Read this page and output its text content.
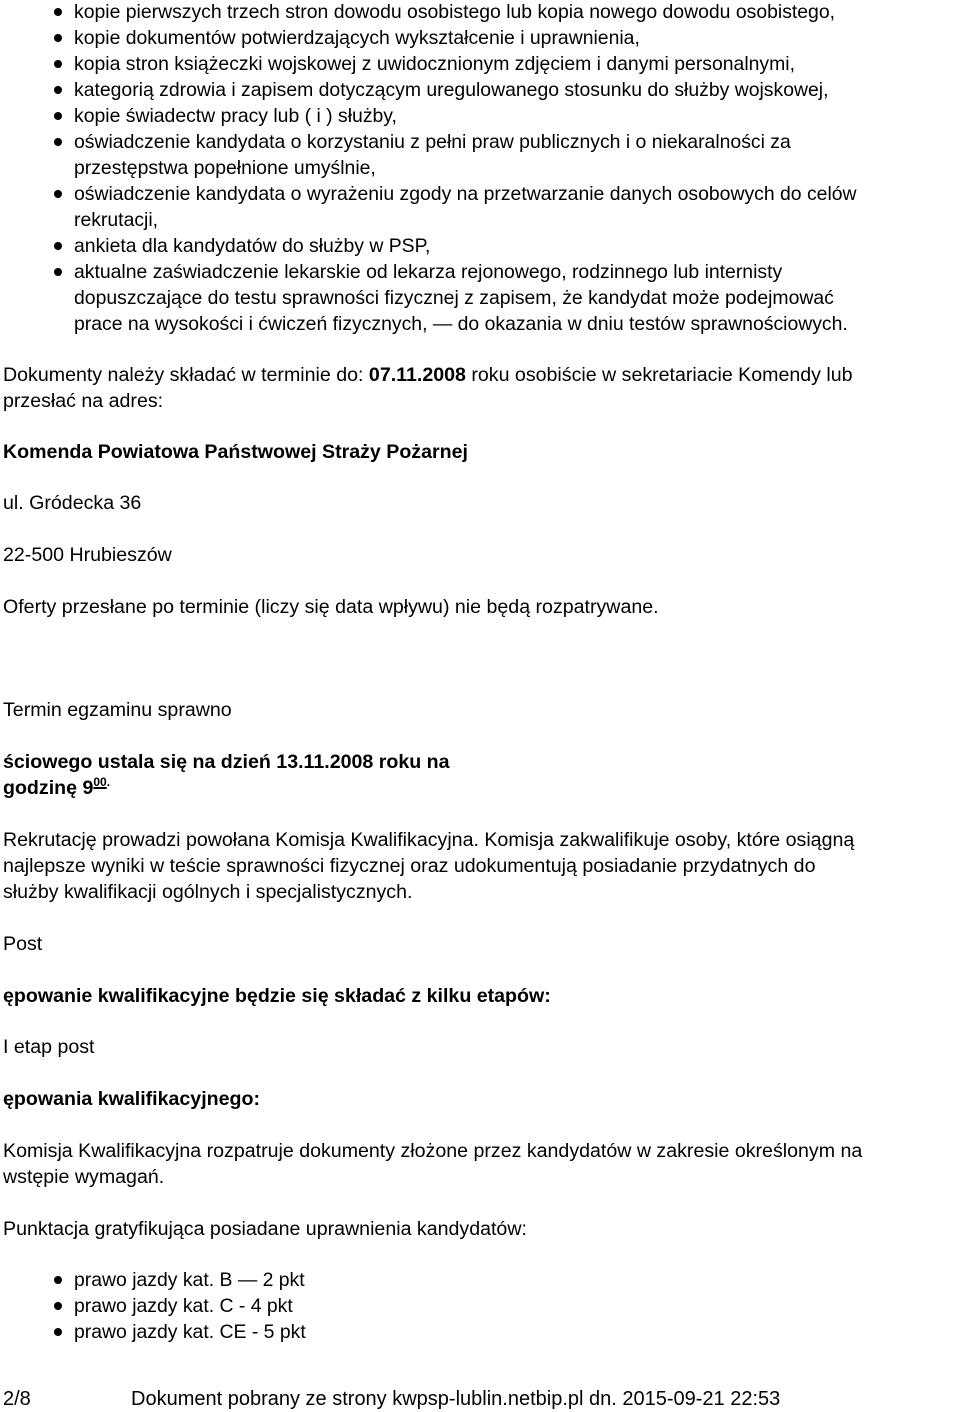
kopie pierwszych trzech stron dowodu osobistego lub kopia nowego dowodu osobistego,
kopie dokumentów potwierdzających wykształcenie i uprawnienia,
kopia stron książeczki wojskowej z uwidocznionym zdjęciem i danymi personalnymi,
kategorią zdrowia i zapisem dotyczącym uregulowanego stosunku do służby wojskowej,
kopie świadectw pracy lub ( i ) służby,
oświadczenie kandydata o korzystaniu z pełni praw publicznych i o niekaralności za
przestępstwa popełnione umyślnie,
oświadczenie kandydata o wyrażeniu zgody na przetwarzanie danych osobowych do celów
rekrutacji,
ankieta dla kandydatów do służby w PSP,
aktualne zaświadczenie lekarskie od lekarza rejonowego, rodzinnego lub internisty
dopuszczające do testu sprawności fizycznej z zapisem, że kandydat może podejmować
prace na wysokości i ćwiczeń fizycznych, — do okazania w dniu testów sprawnościowych.
Dokumenty należy składać w terminie do: 07.11.2008 roku osobiście w sekretariacie Komendy lub
przesłać na adres:
Komenda Powiatowa Państwowej Straży Pożarnej
ul. Gródecka 36
22-500 Hrubieszów
Oferty przesłane po terminie (liczy się data wpływu) nie będą rozpatrywane.
Termin egzaminu sprawno
ściowego ustala się na dzień 13.11.2008 roku na
godzinę $9^{00.}$
Rekrutację prowadzi powołana Komisja Kwalifikacyjna. Komisja zakwalifikuje osoby, które osiągną
najlepsze wyniki w teście sprawności fizycznej oraz udokumentują posiadanie przydatnych do
służby kwalifikacji ogólnych i specjalistycznych.
Post
ępowanie kwalifikacyjne będzie się składać z kilku etapów:
I etap post
ępowania kwalifikacyjnego:
Komisja Kwalifikacyjna rozpatruje dokumenty złożone przez kandydatów w zakresie określonym na
wstępie wymagań.
Punktacja gratyfikująca posiadane uprawnienia kandydatów:
prawo jazdy kat. B — 2 pkt
prawo jazdy kat. C - 4 pkt
prawo jazdy kat. CE - 5 pkt
2/8	Dokument pobrany ze strony kwpsp-lublin.netbip.pl dn. 2015-09-21 22:53
